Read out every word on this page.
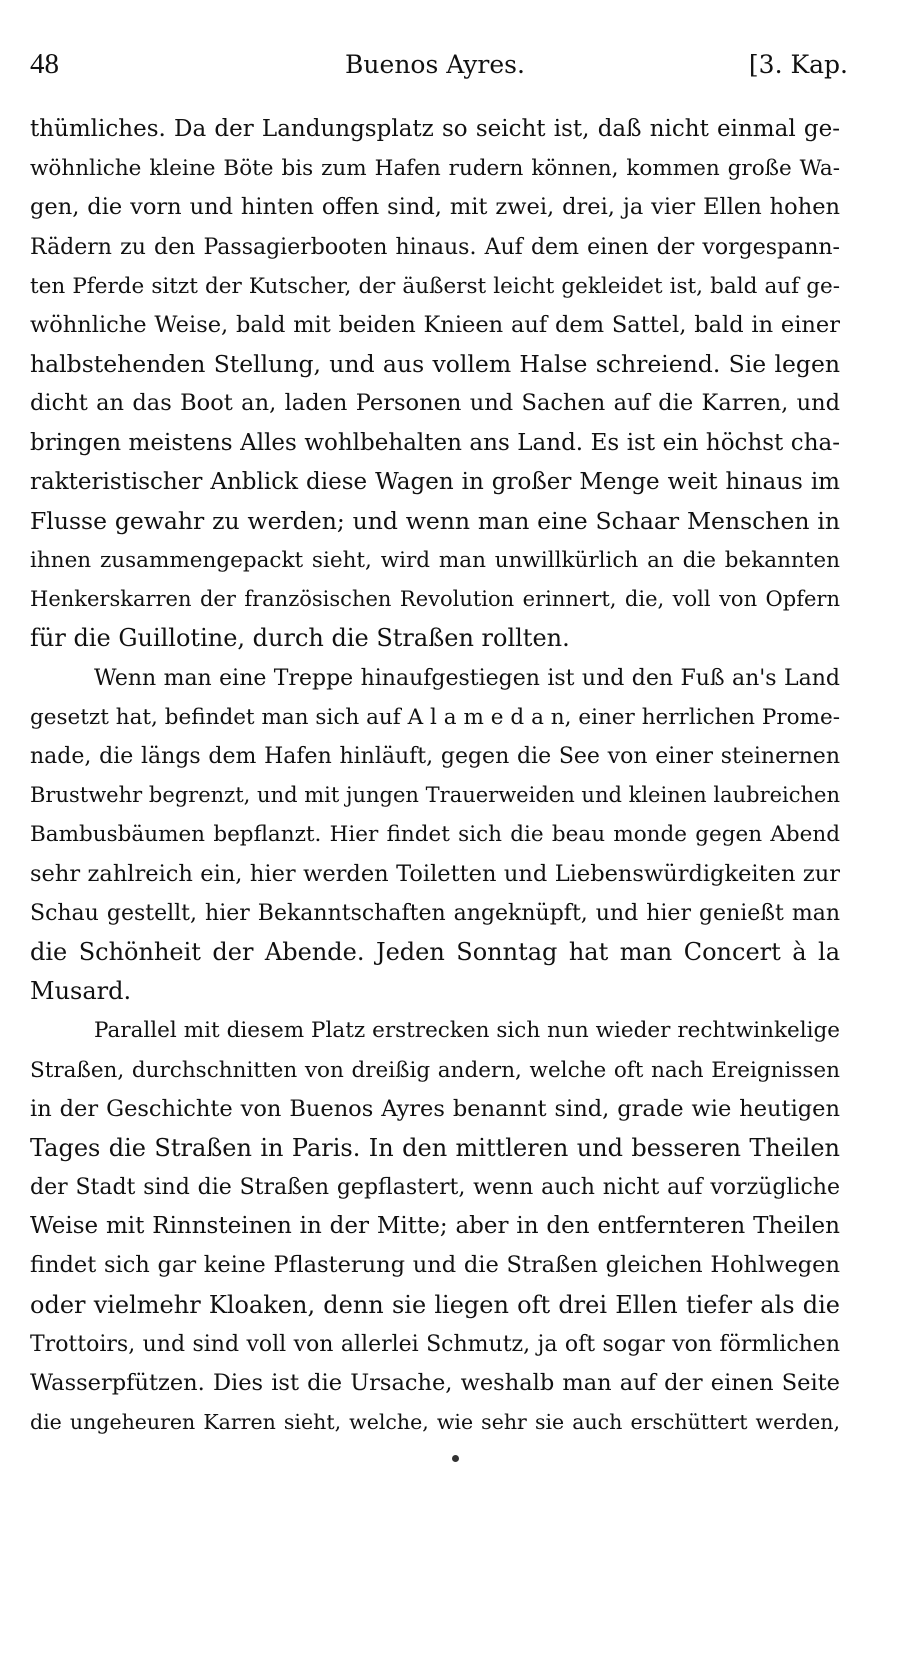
48	Buenos Ayres.	[3. Kap.
thümliches. Da der Landungsplatz so seicht ist, daß nicht einmal ge-
wöhnliche kleine Böte bis zum Hafen rudern können, kommen große Wa-
gen, die vorn und hinten offen sind, mit zwei, drei, ja vier Ellen hohen
Rädern zu den Passagierbooten hinaus. Auf dem einen der vorgespann-
ten Pferde sitzt der Kutscher, der äußerst leicht gekleidet ist, bald auf ge-
wöhnliche Weise, bald mit beiden Knieen auf dem Sattel, bald in einer
halbstehenden Stellung, und aus vollem Halse schreiend. Sie legen
dicht an das Boot an, laden Personen und Sachen auf die Karren, und
bringen meistens Alles wohlbehalten ans Land. Es ist ein höchst cha-
rakteristischer Anblick diese Wagen in großer Menge weit hinaus im
Flusse gewahr zu werden; und wenn man eine Schaar Menschen in
ihnen zusammengepackt sieht, wird man unwillkürlich an die bekannten
Henkerskarren der französischen Revolution erinnert, die, voll von Opfern
für die Guillotine, durch die Straßen rollten.
Wenn man eine Treppe hinaufgestiegen ist und den Fuß an's Land
gesetzt hat, befindet man sich auf A l a m e d a n, einer herrlichen Prome-
nade, die längs dem Hafen hinläuft, gegen die See von einer steinernen
Brustwehr begrenzt, und mit jungen Trauerweiden und kleinen laubreichen
Bambusbäumen bepflanzt. Hier findet sich die beau monde gegen Abend
sehr zahlreich ein, hier werden Toiletten und Liebenswürdigkeiten zur
Schau gestellt, hier Bekanntschaften angeknüpft, und hier genießt man
die Schönheit der Abende. Jeden Sonntag hat man Concert à la
Musard.
Parallel mit diesem Platz erstrecken sich nun wieder rechtwinkelige
Straßen, durchschnitten von dreißig andern, welche oft nach Ereignissen
in der Geschichte von Buenos Ayres benannt sind, grade wie heutigen
Tages die Straßen in Paris. In den mittleren und besseren Theilen
der Stadt sind die Straßen gepflastert, wenn auch nicht auf vorzügliche
Weise mit Rinnsteinen in der Mitte; aber in den entfernteren Theilen
findet sich gar keine Pflasterung und die Straßen gleichen Hohlwegen
oder vielmehr Kloaken, denn sie liegen oft drei Ellen tiefer als die
Trottoirs, und sind voll von allerlei Schmutz, ja oft sogar von förmlichen
Wasserpfützen. Dies ist die Ursache, weshalb man auf der einen Seite
die ungeheuren Karren sieht, welche, wie sehr sie auch erschüttert werden,
